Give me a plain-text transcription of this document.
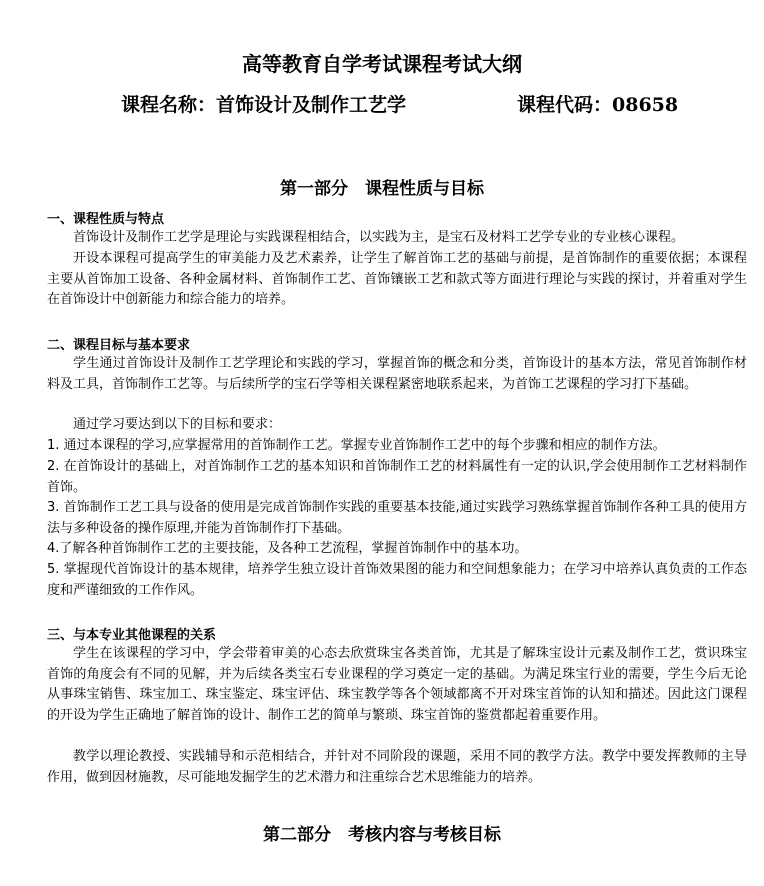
高等教育自学考试课程考试大纲
课程名称：首饰设计及制作工艺学	课程代码：08658
第一部分　课程性质与目标
一、课程性质与特点
首饰设计及制作工艺学是理论与实践课程相结合，以实践为主，是宝石及材料工艺学专业的专业核心课程。
开设本课程可提高学生的审美能力及艺术素养，让学生了解首饰工艺的基础与前提，是首饰制作的重要依据；本课程主要从首饰加工设备、各种金属材料、首饰制作工艺、首饰镶嵌工艺和款式等方面进行理论与实践的探讨，并着重对学生在首饰设计中创新能力和综合能力的培养。
二、课程目标与基本要求
学生通过首饰设计及制作工艺学理论和实践的学习，掌握首饰的概念和分类，首饰设计的基本方法，常见首饰制作材料及工具，首饰制作工艺等。与后续所学的宝石学等相关课程紧密地联系起来，为首饰工艺课程的学习打下基础。
通过学习要达到以下的目标和要求：
1. 通过本课程的学习,应掌握常用的首饰制作工艺。掌握专业首饰制作工艺中的每个步骤和相应的制作方法。
2. 在首饰设计的基础上，对首饰制作工艺的基本知识和首饰制作工艺的材料属性有一定的认识,学会使用制作工艺材料制作首饰。
3. 首饰制作工艺工具与设备的使用是完成首饰制作实践的重要基本技能,通过实践学习熟练掌握首饰制作各种工具的使用方法与多种设备的操作原理,并能为首饰制作打下基础。
4.了解各种首饰制作工艺的主要技能，及各种工艺流程，掌握首饰制作中的基本功。
5. 掌握现代首饰设计的基本规律，培养学生独立设计首饰效果图的能力和空间想象能力；在学习中培养认真负责的工作态度和严谨细致的工作作风。
三、与本专业其他课程的关系
学生在该课程的学习中，学会带着审美的心态去欣赏珠宝各类首饰，尤其是了解珠宝设计元素及制作工艺，赏识珠宝首饰的角度会有不同的见解，并为后续各类宝石专业课程的学习奠定一定的基础。为满足珠宝行业的需要，学生今后无论从事珠宝销售、珠宝加工、珠宝鉴定、珠宝评估、珠宝教学等各个领域都离不开对珠宝首饰的认知和描述。因此这门课程的开设为学生正确地了解首饰的设计、制作工艺的简单与繁琐、珠宝首饰的鉴赏都起着重要作用。
教学以理论教授、实践辅导和示范相结合，并针对不同阶段的课题，采用不同的教学方法。教学中要发挥教师的主导作用，做到因材施教，尽可能地发掘学生的艺术潜力和注重综合艺术思维能力的培养。
第二部分　考核内容与考核目标
